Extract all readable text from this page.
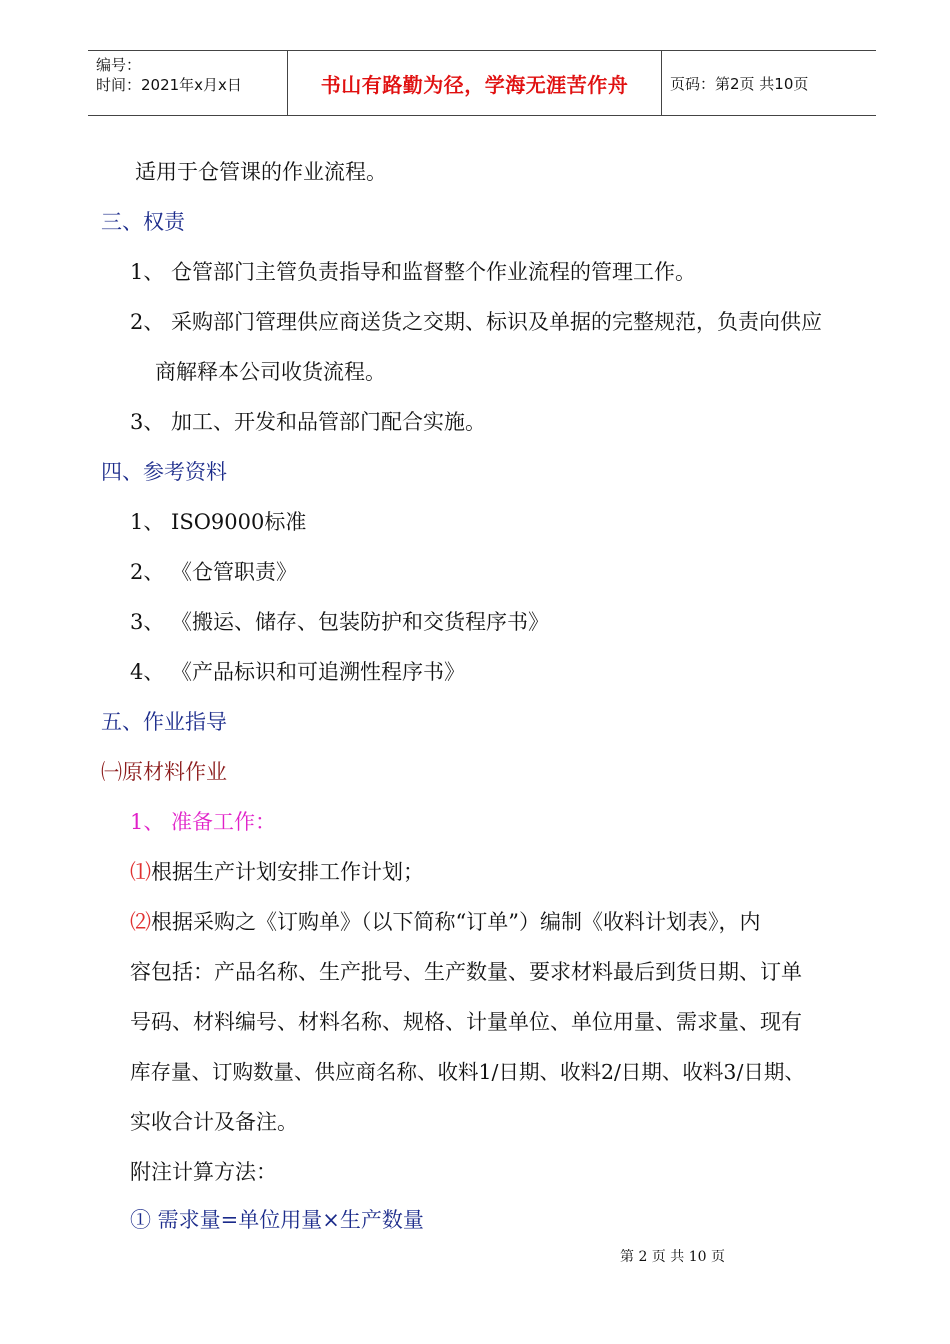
编号：
时间：2021年x月x日	书山有路勤为径，学海无涯苦作舟	页码：第2页 共10页
适用于仓管课的作业流程。
三、权责
1、 仓管部门主管负责指导和监督整个作业流程的管理工作。
2、 采购部门管理供应商送货之交期、标识及单据的完整规范，负责向供应
商解释本公司收货流程。
3、 加工、开发和品管部门配合实施。
四、参考资料
1、 ISO9000标准
2、 《仓管职责》
3、 《搬运、储存、包装防护和交货程序书》
4、 《产品标识和可追溯性程序书》
五、作业指导
㈠原材料作业
1、 准备工作：
⑴根据生产计划安排工作计划；
⑵根据采购之《订购单》（以下简称“订单”）编制《收料计划表》，内
容包括：产品名称、生产批号、生产数量、要求材料最后到货日期、订单
号码、材料编号、材料名称、规格、计量单位、单位用量、需求量、现有
库存量、订购数量、供应商名称、收料1/日期、收料2/日期、收料3/日期、
实收合计及备注。
附注计算方法：
① 需求量=单位用量×生产数量
第 2 页 共 10 页
